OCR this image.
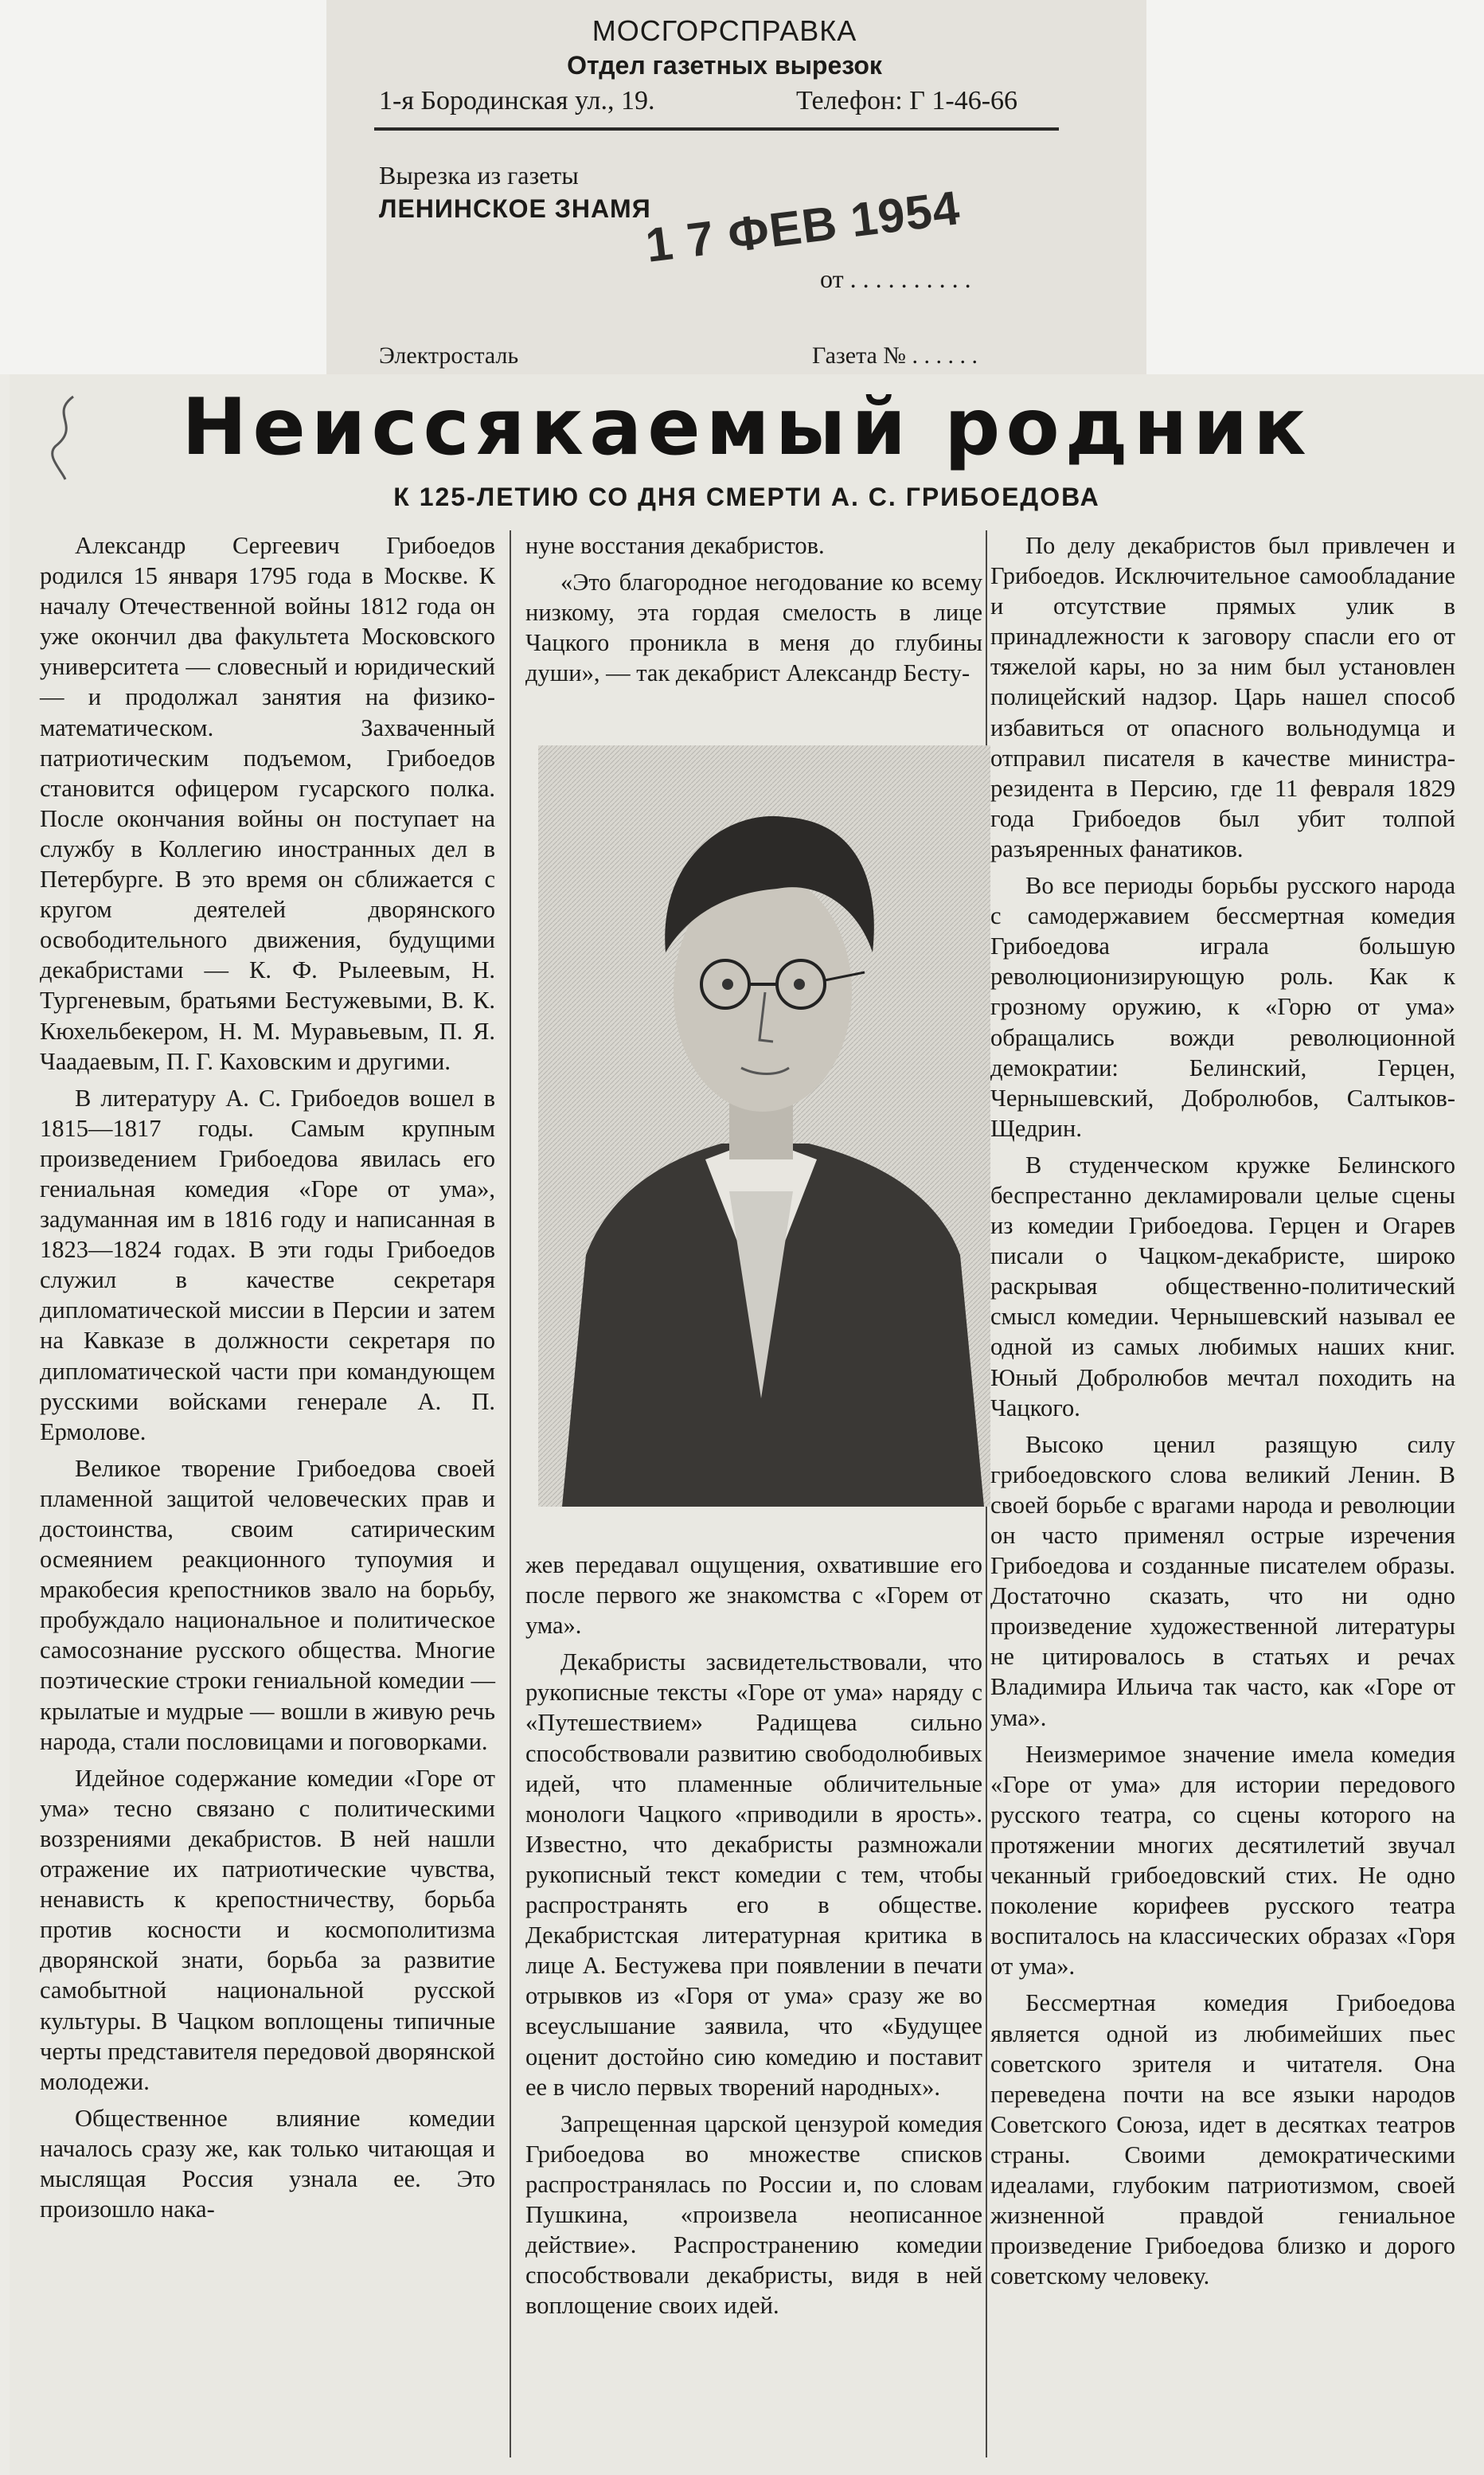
МОСГОРСПРАВКА
Отдел газетных вырезок
1-я Бородинская ул., 19.	Телефон: Г 1-46-66
Вырезка из газеты
ЛЕНИНСКОЕ ЗНАМЯ
1 7 ФЕВ 1954
от . . . . . . . . . .
Электросталь	Газета № . . . . . .
Неиссякаемый родник
К 125-ЛЕТИЮ СО ДНЯ СМЕРТИ А. С. ГРИБОЕДОВА

Александр Сергеевич Грибоедов родился 15 января 1795 года в Москве. К началу Отечественной войны 1812 года он уже окончил два факультета Московского университета — словесный и юридический — и продолжал занятия на физико-математическом. Захваченный патриотическим подъемом, Грибоедов становится офицером гусарского полка. После окончания войны он поступает на службу в Коллегию иностранных дел в Петербурге. В это время он сближается с кругом деятелей дворянского освободительного движения, будущими декабристами — К. Ф. Рылеевым, Н. Тургеневым, братьями Бестужевыми, В. К. Кюхельбекером, Н. М. Муравьевым, П. Я. Чаадаевым, П. Г. Каховским и другими.

В литературу А. С. Грибоедов вошел в 1815—1817 годы. Самым крупным произведением Грибоедова явилась его гениальная комедия «Горе от ума», задуманная им в 1816 году и написанная в 1823—1824 годах. В эти годы Грибоедов служил в качестве секретаря дипломатической миссии в Персии и затем на Кавказе в должности секретаря по дипломатической части при командующем русскими войсками генерале А. П. Ермолове.

Великое творение Грибоедова своей пламенной защитой человеческих прав и достоинства, своим сатирическим осмеянием реакционного тупоумия и мракобесия крепостников звало на борьбу, пробуждало национальное и политическое самосознание русского общества. Многие поэтические строки гениальной комедии — крылатые и мудрые — вошли в живую речь народа, стали пословицами и поговорками.

Идейное содержание комедии «Горе от ума» тесно связано с политическими воззрениями декабристов. В ней нашли отражение их патриотические чувства, ненависть к крепостничеству, борьба против косности и космополитизма дворянской знати, борьба за развитие самобытной национальной русской культуры. В Чацком воплощены типичные черты представителя передовой дворянской молодежи.

Общественное влияние комедии началось сразу же, как только читающая и мыслящая Россия узнала ее. Это произошло нака-

нуне восстания декабристов.

«Это благородное негодование ко всему низкому, эта гордая смелость в лице Чацкого проникла в меня до глубины души», — так декабрист Александр Бесту-

жев передавал ощущения, охватившие его после первого же знакомства с «Горем от ума».

Декабристы засвидетельствовали, что рукописные тексты «Горе от ума» наряду с «Путешествием» Радищева сильно способствовали развитию свободолюбивых идей, что пламенные обличительные монологи Чацкого «приводили в ярость». Известно, что декабристы размножали рукописный текст комедии с тем, чтобы распространять его в обществе. Декабристская литературная критика в лице А. Бестужева при появлении в печати отрывков из «Горя от ума» сразу же во всеуслышание заявила, что «Будущее оценит достойно сию комедию и поставит ее в число первых творений народных».

Запрещенная царской цензурой комедия Грибоедова во множестве списков распространялась по России и, по словам Пушкина, «произвела неописанное действие». Распространению комедии способствовали декабристы, видя в ней воплощение своих идей.

По делу декабристов был привлечен и Грибоедов. Исключительное самообладание и отсутствие прямых улик в принадлежности к заговору спасли его от тяжелой кары, но за ним был установлен полицейский надзор. Царь нашел способ избавиться от опасного вольнодумца и отправил писателя в качестве министра-резидента в Персию, где 11 февраля 1829 года Грибоедов был убит толпой разъяренных фанатиков.

Во все периоды борьбы русского народа с самодержавием бессмертная комедия Грибоедова играла большую революционизирующую роль. Как к грозному оружию, к «Горю от ума» обращались вожди революционной демократии: Белинский, Герцен, Чернышевский, Добролюбов, Салтыков-Щедрин.

В студенческом кружке Белинского беспрестанно декламировали целые сцены из комедии Грибоедова. Герцен и Огарев писали о Чацком-декабристе, широко раскрывая общественно-политический смысл комедии. Чернышевский называл ее одной из самых любимых наших книг. Юный Добролюбов мечтал походить на Чацкого.

Высоко ценил разящую силу грибоедовского слова великий Ленин. В своей борьбе с врагами народа и революции он часто применял острые изречения Грибоедова и созданные писателем образы. Достаточно сказать, что ни одно произведение художественной литературы не цитировалось в статьях и речах Владимира Ильича так часто, как «Горе от ума».

Неизмеримое значение имела комедия «Горе от ума» для истории передового русского театра, со сцены которого на протяжении многих десятилетий звучал чеканный грибоедовский стих. Не одно поколение корифеев русского театра воспиталось на классических образах «Горя от ума».

Бессмертная комедия Грибоедова является одной из любимейших пьес советского зрителя и читателя. Она переведена почти на все языки народов Советского Союза, идет в десятках театров страны. Своими демократическими идеалами, глубоким патриотизмом, своей жизненной правдой гениальное произведение Грибоедова близко и дорого советскому человеку.
